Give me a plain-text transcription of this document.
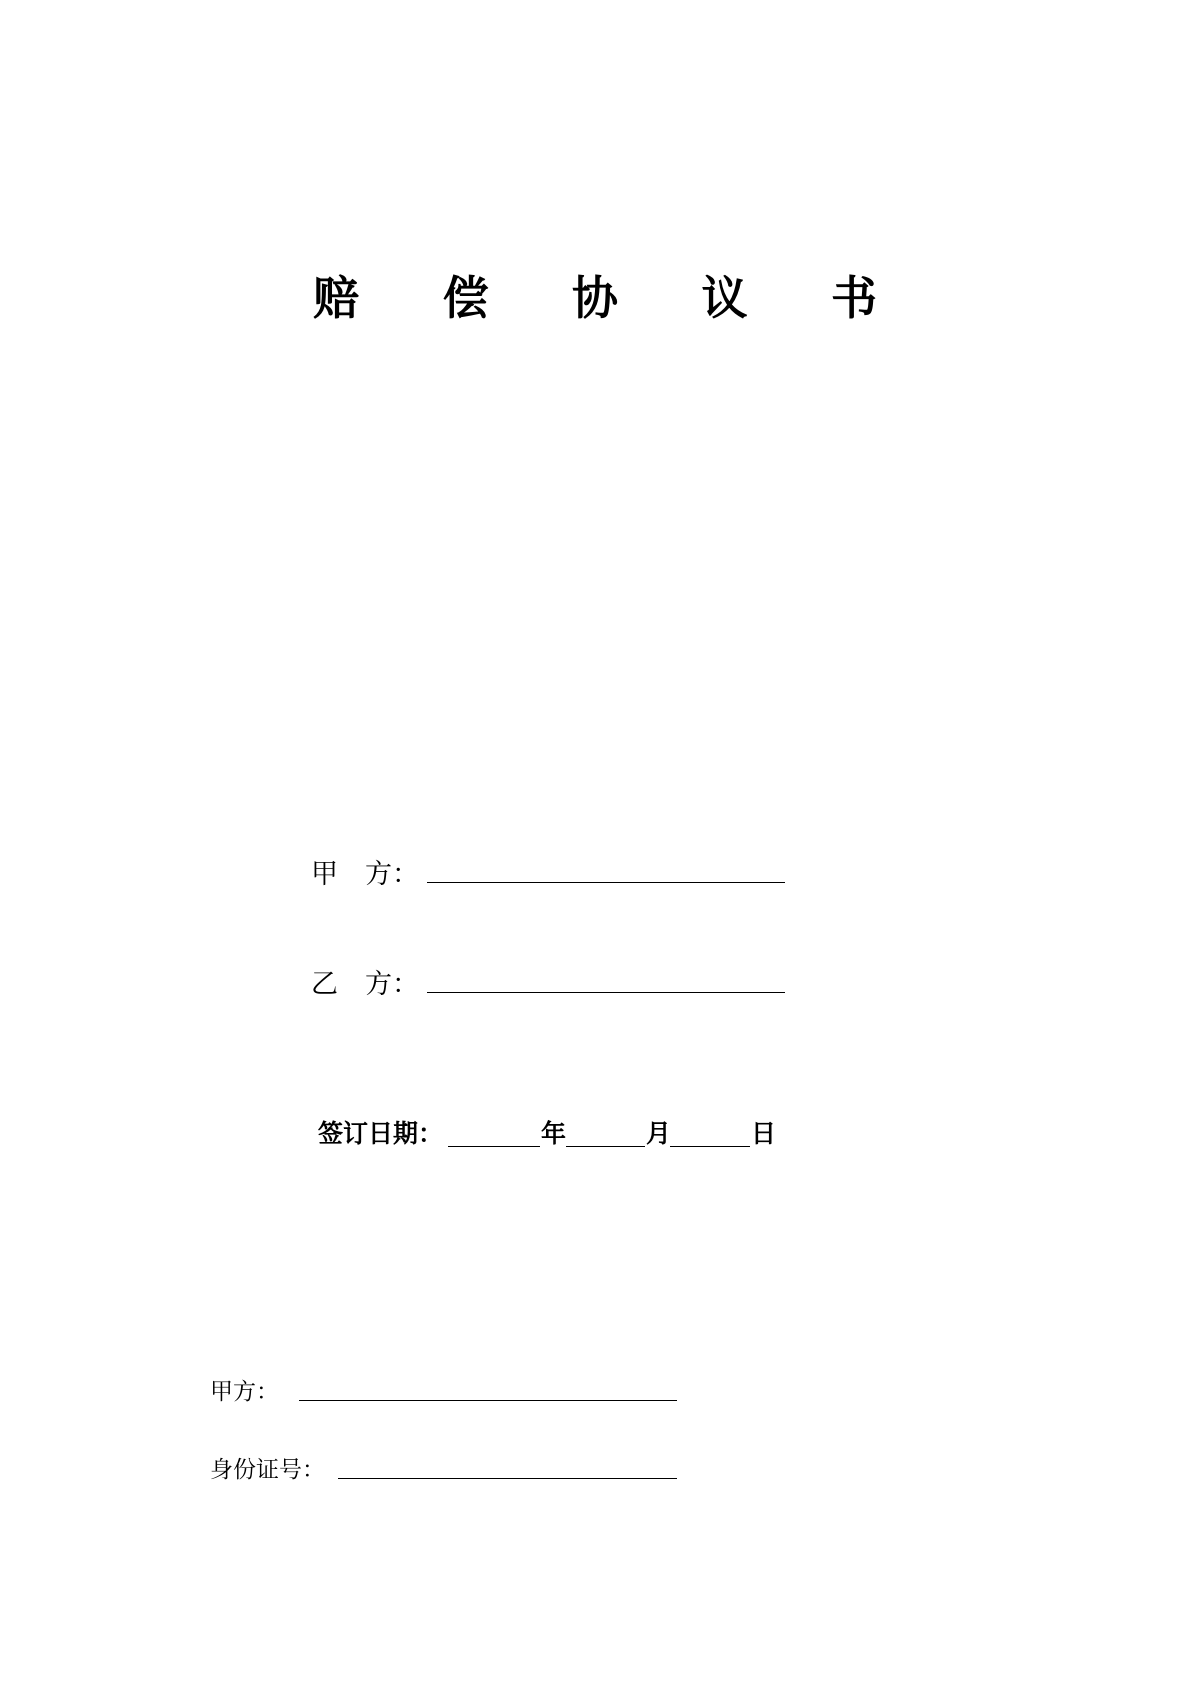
赔 偿 协 议 书
甲　方：
乙　方：
签订日期：	年	月	日
甲方：
身份证号：
